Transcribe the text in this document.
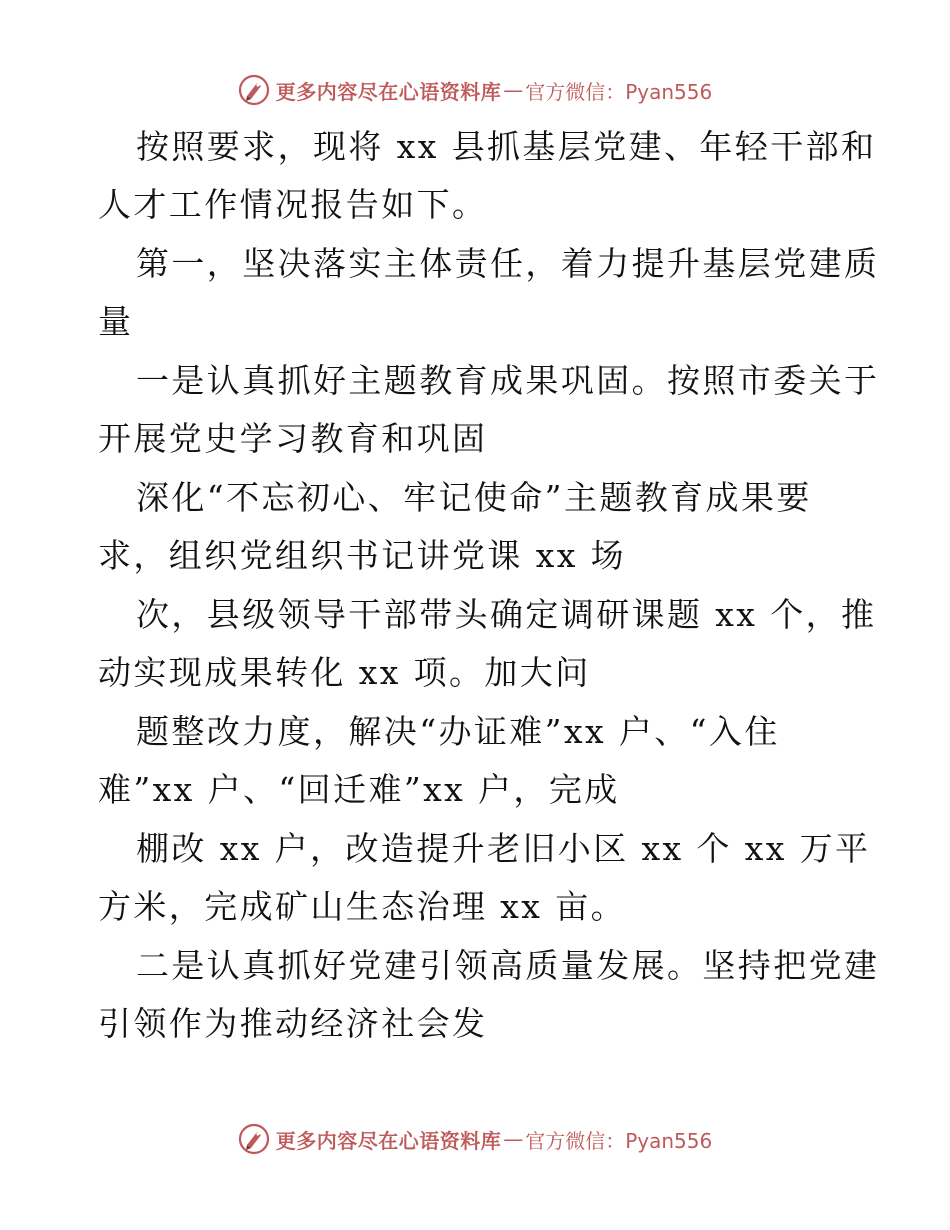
更多内容尽在心语资料库 — 官方微信：Pyan556
按照要求，现将 xx 县抓基层党建、年轻干部和
人才工作情况报告如下。
第一，坚决落实主体责任，着力提升基层党建质
量
一是认真抓好主题教育成果巩固。按照市委关于
开展党史学习教育和巩固
深化“不忘初心、牢记使命”主题教育成果要
求，组织党组织书记讲党课 xx 场
次，县级领导干部带头确定调研课题 xx 个，推
动实现成果转化 xx 项。加大问
题整改力度，解决“办证难”xx 户、“入住
难”xx 户、“回迁难”xx 户，完成
棚改 xx 户，改造提升老旧小区 xx 个 xx 万平
方米，完成矿山生态治理 xx 亩。
二是认真抓好党建引领高质量发展。坚持把党建
引领作为推动经济社会发
更多内容尽在心语资料库 — 官方微信：Pyan556
